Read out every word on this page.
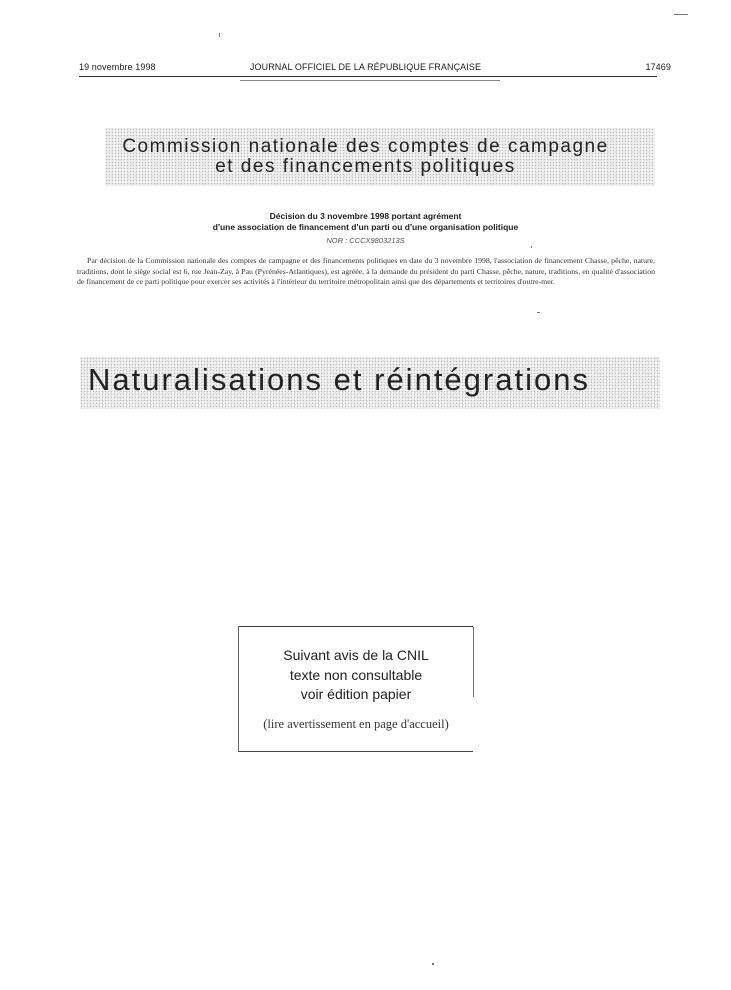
19 novembre 1998	JOURNAL OFFICIEL DE LA RÉPUBLIQUE FRANÇAISE	17469
Commission nationale des comptes de campagne
et des financements politiques
Décision du 3 novembre 1998 portant agrément
d'une association de financement d'un parti ou d'une organisation politique
NOR : CCCX9803213S
Par décision de la Commission nationale des comptes de campagne et des financements politiques en date du 3 novembre 1998, l'association de financement Chasse, pêche, nature, traditions, dont le siège social est 6, rue Jean-Zay, à Pau (Pyrénées-Atlantiques), est agréée, à la demande du président du parti Chasse, pêche, nature, traditions, en qualité d'association de financement de ce parti politique pour exercer ses activités à l'intérieur du territoire métropolitain ainsi que des départements et territoires d'outre-mer.
Naturalisations et réintégrations
Suivant avis de la CNIL
texte non consultable
voir édition papier
(lire avertissement en page d'accueil)
